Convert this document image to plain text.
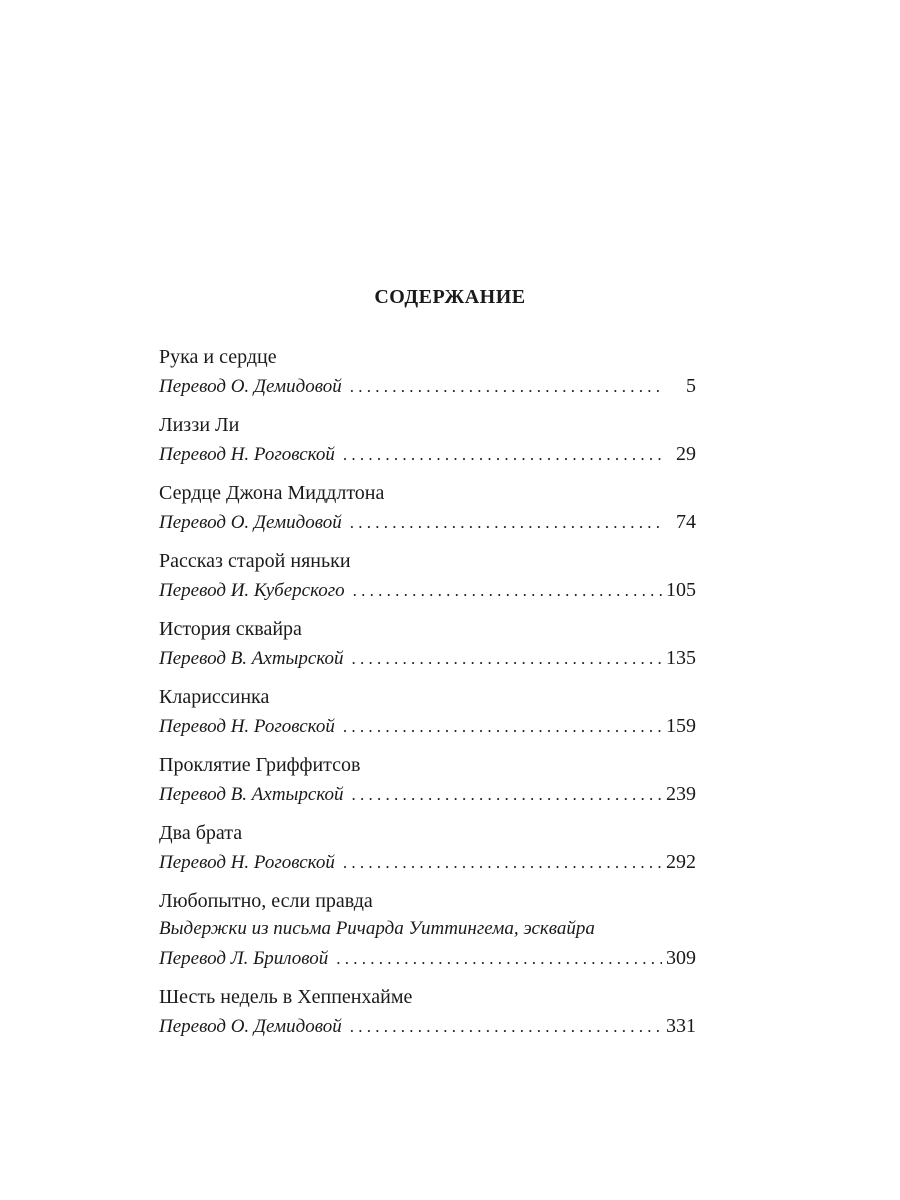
СОДЕРЖАНИЕ
Рука и сердце
Перевод О. Демидовой . . .	5
Лиззи Ли
Перевод Н. Роговской . . .	29
Сердце Джона Миддлтона
Перевод О. Демидовой . . .	74
Рассказ старой няньки
Перевод И. Куберского . . .	105
История сквайра
Перевод В. Ахтырской . . .	135
Клариссинка
Перевод Н. Роговской . . .	159
Проклятие Гриффитсов
Перевод В. Ахтырской . . .	239
Два брата
Перевод Н. Роговской . . .	292
Любопытно, если правда
Выдержки из письма Ричарда Уиттингема, эсквайра
Перевод Л. Бриловой . . .	309
Шесть недель в Хеппенхайме
Перевод О. Демидовой . . .	331
